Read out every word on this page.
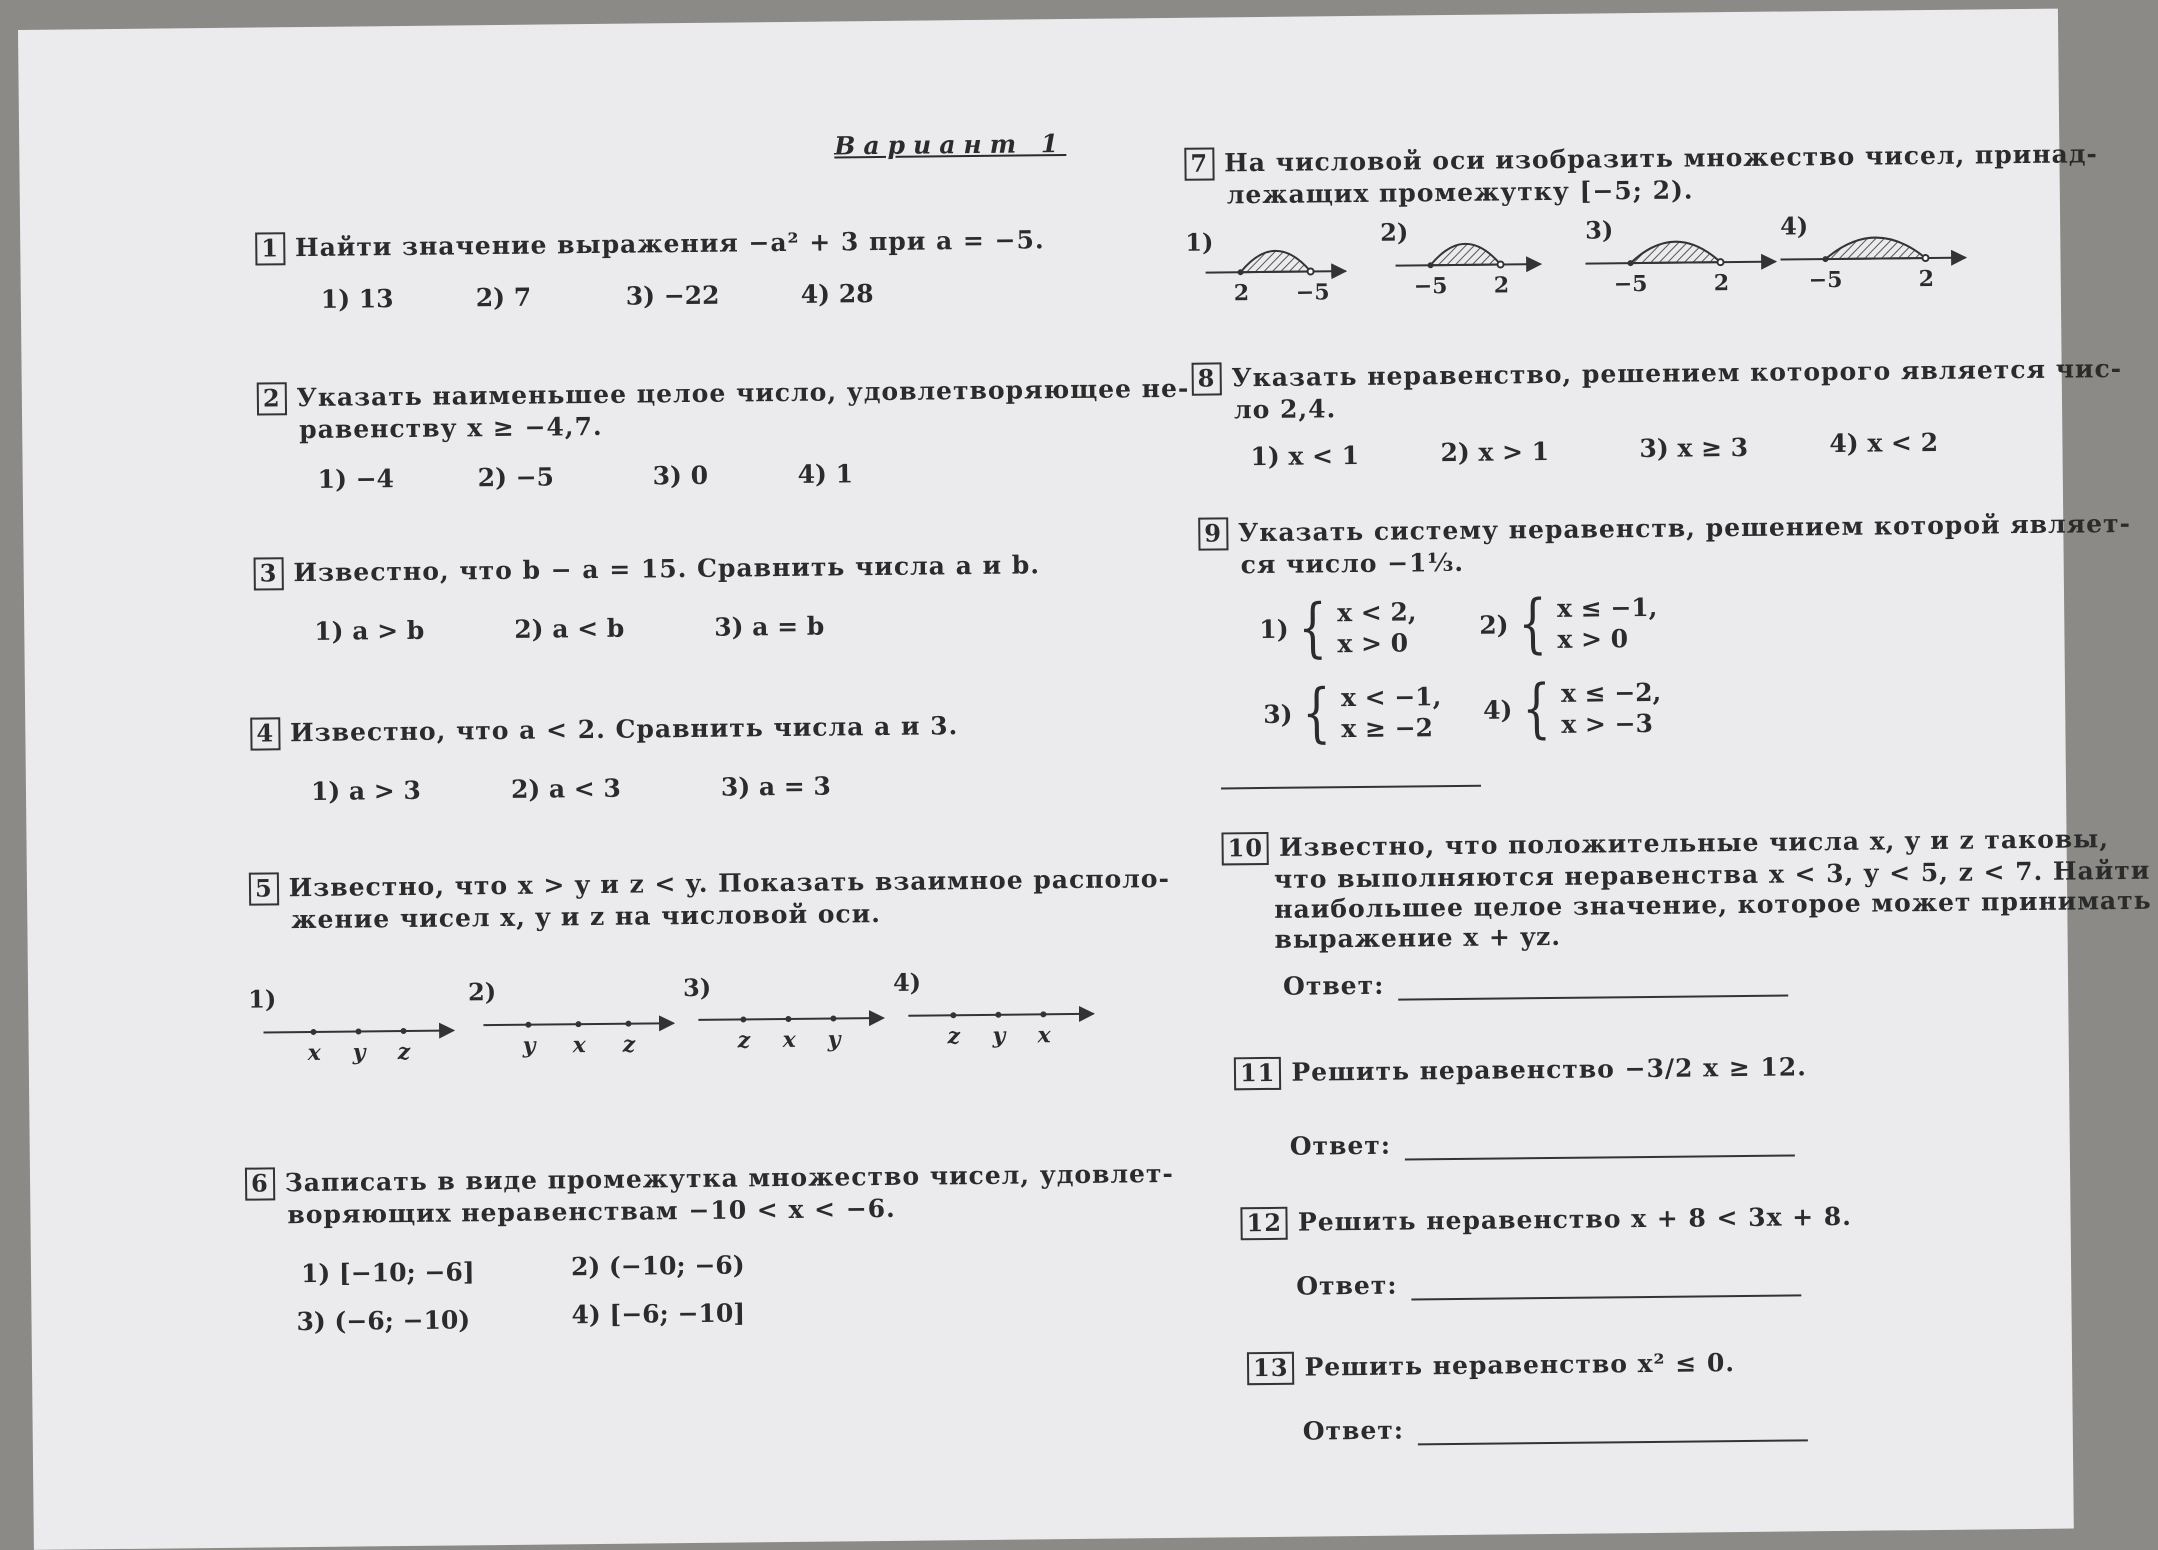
Вариант 1
1 Найти значение выражения −a² + 3 при a = −5.
1) 13	2) 7	3) −22	4) 28
2 Указать наименьшее целое число, удовлетворяющее не-
равенству x ≥ −4,7.
1) −4	2) −5	3) 0	4) 1
3 Известно, что b − a = 15. Сравнить числа a и b.
1) a > b	2) a < b	3) a = b
4 Известно, что a < 2. Сравнить числа a и 3.
1) a > 3	2) a < 3	3) a = 3
5 Известно, что x > y и z < y. Показать взаимное располо-
жение чисел x, y и z на числовой оси.
1)
x y z
2)
y x z
3)
z x y
4)
z y x
6 Записать в виде промежутка множество чисел, удовлет-
воряющих неравенствам −10 < x < −6.
1) [−10; −6]	2) (−10; −6)
3) (−6; −10)	4) [−6; −10]
7 На числовой оси изобразить множество чисел, принад-
лежащих промежутку [−5; 2).
1)
2 −5
2)
−5 2
3)
−5	2
4)
−5	2
8 Указать неравенство, решением которого является чис-
ло 2,4.
1) x < 1	2) x > 1	3) x ≥ 3	4) x < 2
9 Указать систему неравенств, решением которой являет-
ся число −1⅓.
1) { x < 2,
x > 0
2) { x ≤ −1,
x > 0
3) { x < −1,
x ≥ −2
4) { x ≤ −2,
x > −3
10 Известно, что положительные числа x, y и z таковы,
что выполняются неравенства x < 3, y < 5, z < 7. Найти
наибольшее целое значение, которое может принимать
выражение x + yz.
Ответ:
11 Решить неравенство −3/2 x ≥ 12.
Ответ:
12 Решить неравенство x + 8 < 3x + 8.
Ответ:
13 Решить неравенство x² ≤ 0.
Ответ:
